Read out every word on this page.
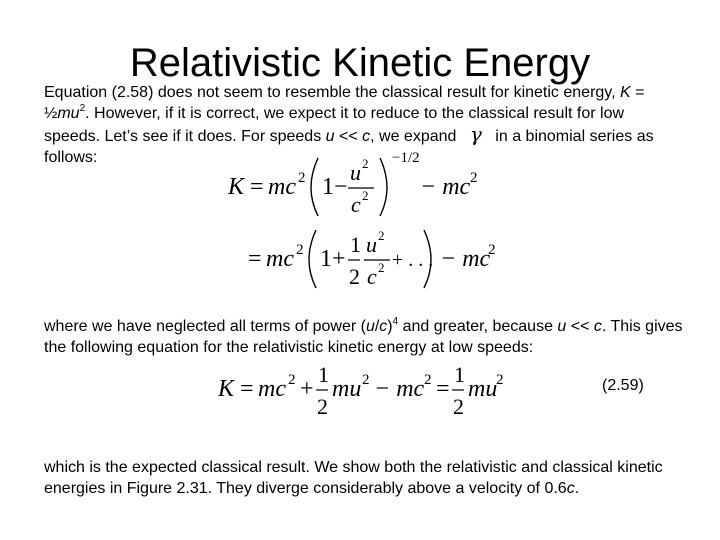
Relativistic Kinetic Energy
Equation (2.58) does not seem to resemble the classical result for kinetic energy, $K = \frac{1}{2}mu^2$. However, if it is correct, we expect it to reduce to the classical result for low speeds. Let’s see if it does. For speeds u << c, we expand γ in a binomial series as follows:
K = mc 2 1 −
u 2
c 2
−1/2
− mc 2
= mc 2 1 +
1
2
u 2
c 2 + . . . − mc
2
where we have neglected all terms of power $(u/c)^4$ and greater, because u << c. This gives the following equation for the relativistic kinetic energy at low speeds:
K = mc 2 +
1
2
mu 2 − mc 2 =
1
2
mu
2	(2.59)
which is the expected classical result. We show both the relativistic and classical kinetic energies in Figure 2.31. They diverge considerably above a velocity of 0.6c.
